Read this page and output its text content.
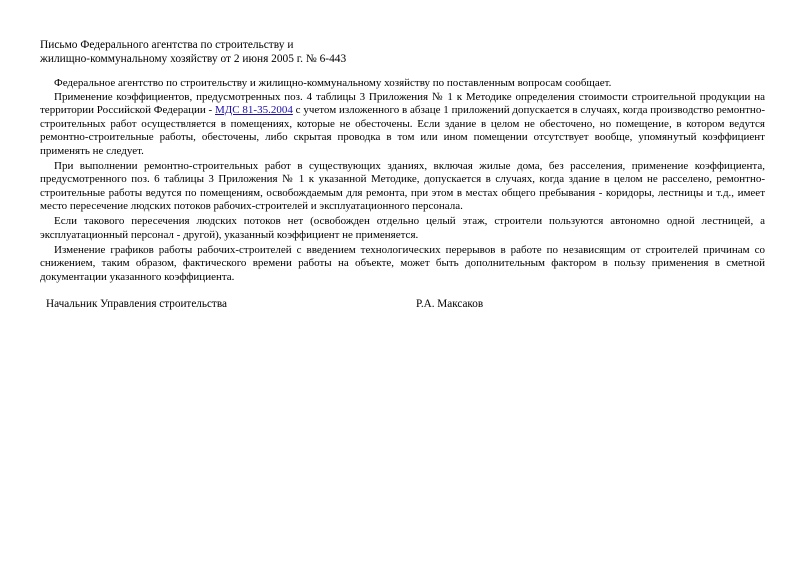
Письмо Федерального агентства по строительству и
жилищно-коммунальному хозяйству от 2 июня 2005 г. № 6-443

Федеральное агентство по строительству и жилищно-коммунальному хозяйству по поставленным вопросам сообщает.

Применение коэффициентов, предусмотренных поз. 4 таблицы 3 Приложения № 1 к Методике определения стоимости строительной продукции на территории Российской Федерации - МДС 81-35.2004 с учетом изложенного в абзаце 1 приложений допускается в случаях, когда производство ремонтно-строительных работ осуществляется в помещениях, которые не обесточены. Если здание в целом не обесточено, но помещение, в котором ведутся ремонтно-строительные работы, обесточены, либо скрытая проводка в том или ином помещении отсутствует вообще, упомянутый коэффициент применять не следует.

При выполнении ремонтно-строительных работ в существующих зданиях, включая жилые дома, без расселения, применение коэффициента, предусмотренного поз. 6 таблицы 3 Приложения № 1 к указанной Методике, допускается в случаях, когда здание в целом не расселено, ремонтно-строительные работы ведутся по помещениям, освобождаемым для ремонта, при этом в местах общего пребывания - коридоры, лестницы и т.д., имеет место пересечение людских потоков рабочих-строителей и эксплуатационного персонала.

Если такового пересечения людских потоков нет (освобожден отдельно целый этаж, строители пользуются автономно одной лестницей, а эксплуатационный персонал - другой), указанный коэффициент не применяется.

Изменение графиков работы рабочих-строителей с введением технологических перерывов в работе по независящим от строителей причинам со снижением, таким образом, фактического времени работы на объекте, может быть дополнительным фактором в пользу применения в сметной документации указанного коэффициента.

Начальник Управления строительства	Р.А. Максаков
